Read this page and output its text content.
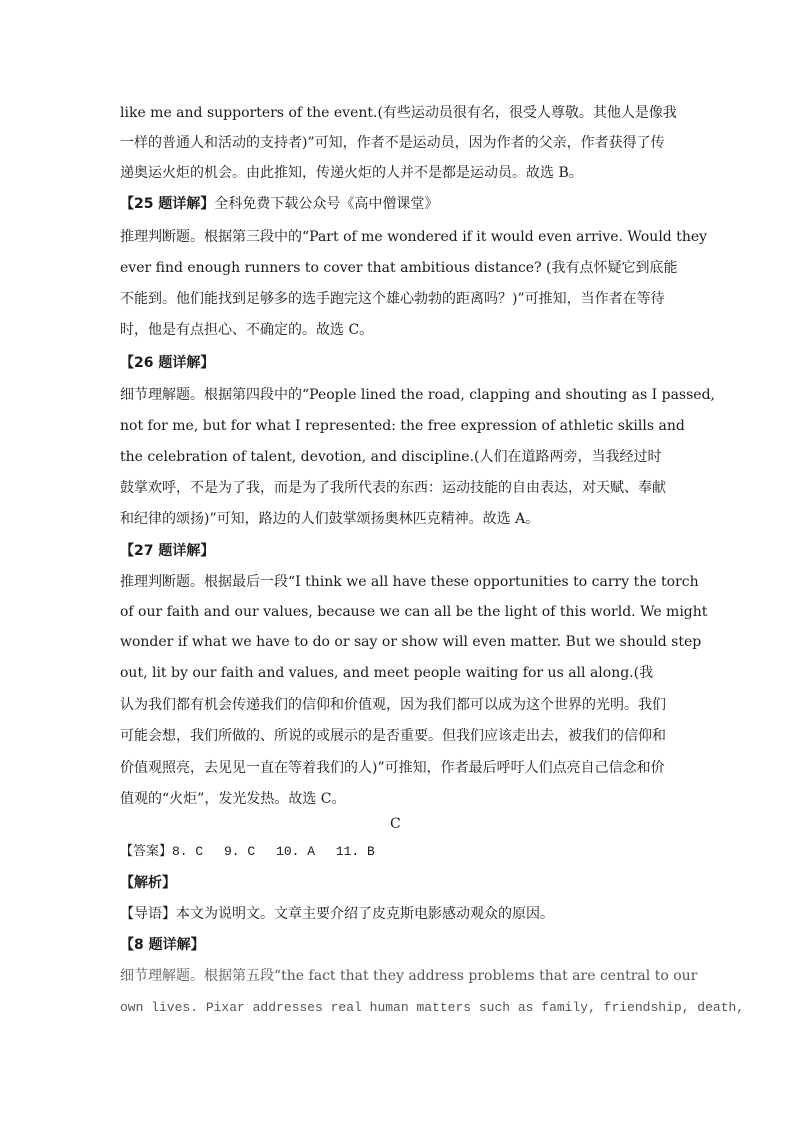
like me and supporters of the event.(有些运动员很有名，很受人尊敬。其他人是像我
一样的普通人和活动的支持者)”可知，作者不是运动员，因为作者的父亲，作者获得了传
递奥运火炬的机会。由此推知，传递火炬的人并不是都是运动员。故选 B。
【25 题详解】全科免费下载公众号《高中僧课堂》
推理判断题。根据第三段中的“Part of me wondered if it would even arrive. Would they
ever find enough runners to cover that ambitious distance? (我有点怀疑它到底能
不能到。他们能找到足够多的选手跑完这个雄心勃勃的距离吗？)”可推知，当作者在等待
时，他是有点担心、不确定的。故选 C。
【26 题详解】
细节理解题。根据第四段中的“People lined the road, clapping and shouting as I passed,
not for me, but for what I represented: the free expression of athletic skills and
the celebration of talent, devotion, and discipline.(人们在道路两旁，当我经过时
鼓掌欢呼，不是为了我，而是为了我所代表的东西：运动技能的自由表达，对天赋、奉献
和纪律的颂扬)”可知，路边的人们鼓掌颂扬奥林匹克精神。故选 A。
【27 题详解】
推理判断题。根据最后一段“I think we all have these opportunities to carry the torch
of our faith and our values, because we can all be the light of this world. We might
wonder if what we have to do or say or show will even matter. But we should step
out, lit by our faith and values, and meet people waiting for us all along.(我
认为我们都有机会传递我们的信仰和价值观，因为我们都可以成为这个世界的光明。我们
可能会想，我们所做的、所说的或展示的是否重要。但我们应该走出去，被我们的信仰和
价值观照亮，去见见一直在等着我们的人)”可推知，作者最后呼吁人们点亮自己信念和价
值观的“火炬”，发光发热。故选 C。
C
【答案】8. C　 9. C　 10. A　 11. B
【解析】
【导语】本文为说明文。文章主要介绍了皮克斯电影感动观众的原因。
【8 题详解】
细节理解题。根据第五段“the fact that they address problems that are central to our
own lives. Pixar addresses real human matters such as family, friendship, death,
